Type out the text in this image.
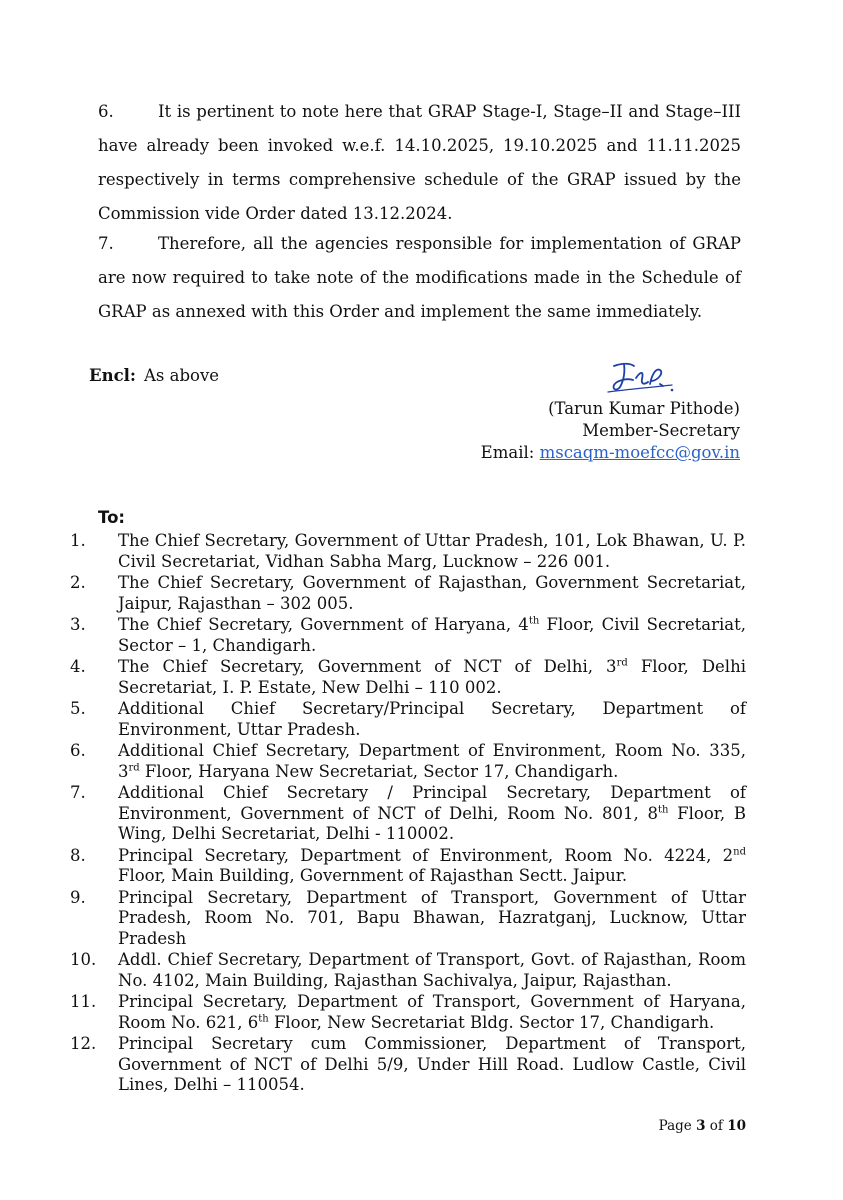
6.	It is pertinent to note here that GRAP Stage-I, Stage–II and Stage–III have already been invoked w.e.f. 14.10.2025, 19.10.2025 and 11.11.2025 respectively in terms comprehensive schedule of the GRAP issued by the Commission vide Order dated 13.12.2024.
7.	Therefore, all the agencies responsible for implementation of GRAP are now required to take note of the modifications made in the Schedule of GRAP as annexed with this Order and implement the same immediately.
Encl: As above
(Tarun Kumar Pithode)
Member-Secretary
Email: mscaqm-moefcc@gov.in
To:
1. The Chief Secretary, Government of Uttar Pradesh, 101, Lok Bhawan, U. P. Civil Secretariat, Vidhan Sabha Marg, Lucknow – 226 001.
2. The Chief Secretary, Government of Rajasthan, Government Secretariat, Jaipur, Rajasthan – 302 005.
3. The Chief Secretary, Government of Haryana, 4th Floor, Civil Secretariat, Sector – 1, Chandigarh.
4. The Chief Secretary, Government of NCT of Delhi, 3rd Floor, Delhi Secretariat, I. P. Estate, New Delhi – 110 002.
5. Additional Chief Secretary/Principal Secretary, Department of Environment, Uttar Pradesh.
6. Additional Chief Secretary, Department of Environment, Room No. 335, 3rd Floor, Haryana New Secretariat, Sector 17, Chandigarh.
7. Additional Chief Secretary / Principal Secretary, Department of Environment, Government of NCT of Delhi, Room No. 801, 8th Floor, B Wing, Delhi Secretariat, Delhi - 110002.
8. Principal Secretary, Department of Environment, Room No. 4224, 2nd Floor, Main Building, Government of Rajasthan Sectt. Jaipur.
9. Principal Secretary, Department of Transport, Government of Uttar Pradesh, Room No. 701, Bapu Bhawan, Hazratganj, Lucknow, Uttar Pradesh
10. Addl. Chief Secretary, Department of Transport, Govt. of Rajasthan, Room No. 4102, Main Building, Rajasthan Sachivalya, Jaipur, Rajasthan.
11. Principal Secretary, Department of Transport, Government of Haryana, Room No. 621, 6th Floor, New Secretariat Bldg. Sector 17, Chandigarh.
12. Principal Secretary cum Commissioner, Department of Transport, Government of NCT of Delhi 5/9, Under Hill Road. Ludlow Castle, Civil Lines, Delhi – 110054.
Page 3 of 10
